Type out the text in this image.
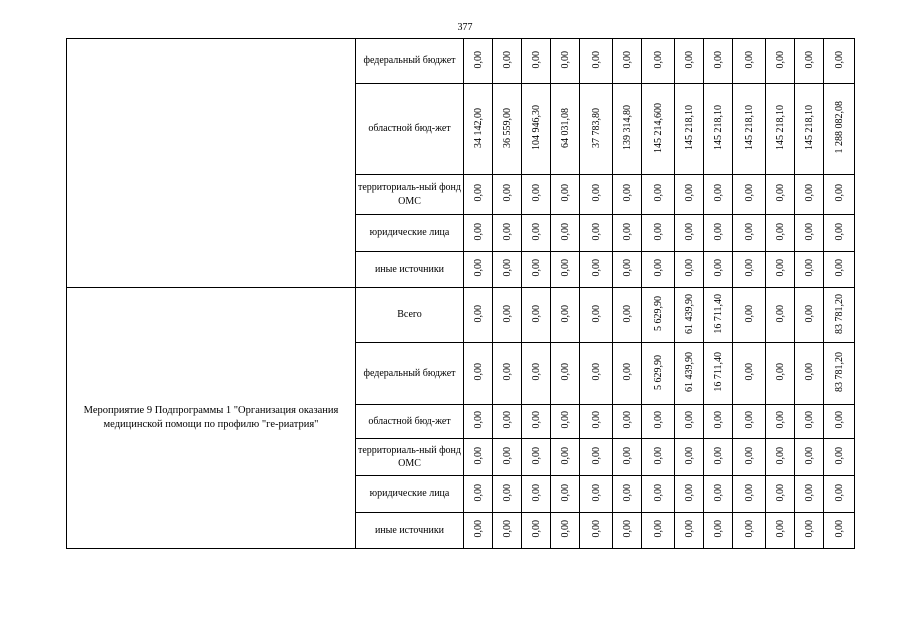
377
	федеральный бюджет	0,00	0,00	0,00	0,00	0,00	0,00	0,00	0,00	0,00	0,00	0,00	0,00	0,00
	областной бюд-жет	34 142,00	36 559,00	104 946,30	64 031,08	37 783,80	139 314,80	145 214,600	145 218,10	145 218,10	145 218,10	145 218,10	145 218,10	1 288 082,08
	территориаль-ный фонд ОМС	0,00	0,00	0,00	0,00	0,00	0,00	0,00	0,00	0,00	0,00	0,00	0,00	0,00
	юридические лица	0,00	0,00	0,00	0,00	0,00	0,00	0,00	0,00	0,00	0,00	0,00	0,00	0,00
	иные источники	0,00	0,00	0,00	0,00	0,00	0,00	0,00	0,00	0,00	0,00	0,00	0,00	0,00
Мероприятие 9 Подпрограммы 1 "Организация оказания медицинской помощи по профилю "ге-риатрия"	Всего	0,00	0,00	0,00	0,00	0,00	0,00	5 629,90	61 439,90	16 711,40	0,00	0,00	0,00	83 781,20
	федеральный бюджет	0,00	0,00	0,00	0,00	0,00	0,00	5 629,90	61 439,90	16 711,40	0,00	0,00	0,00	83 781,20
	областной бюд-жет	0,00	0,00	0,00	0,00	0,00	0,00	0,00	0,00	0,00	0,00	0,00	0,00	0,00
	территориаль-ный фонд ОМС	0,00	0,00	0,00	0,00	0,00	0,00	0,00	0,00	0,00	0,00	0,00	0,00	0,00
	юридические лица	0,00	0,00	0,00	0,00	0,00	0,00	0,00	0,00	0,00	0,00	0,00	0,00	0,00
	иные источники	0,00	0,00	0,00	0,00	0,00	0,00	0,00	0,00	0,00	0,00	0,00	0,00	0,00
